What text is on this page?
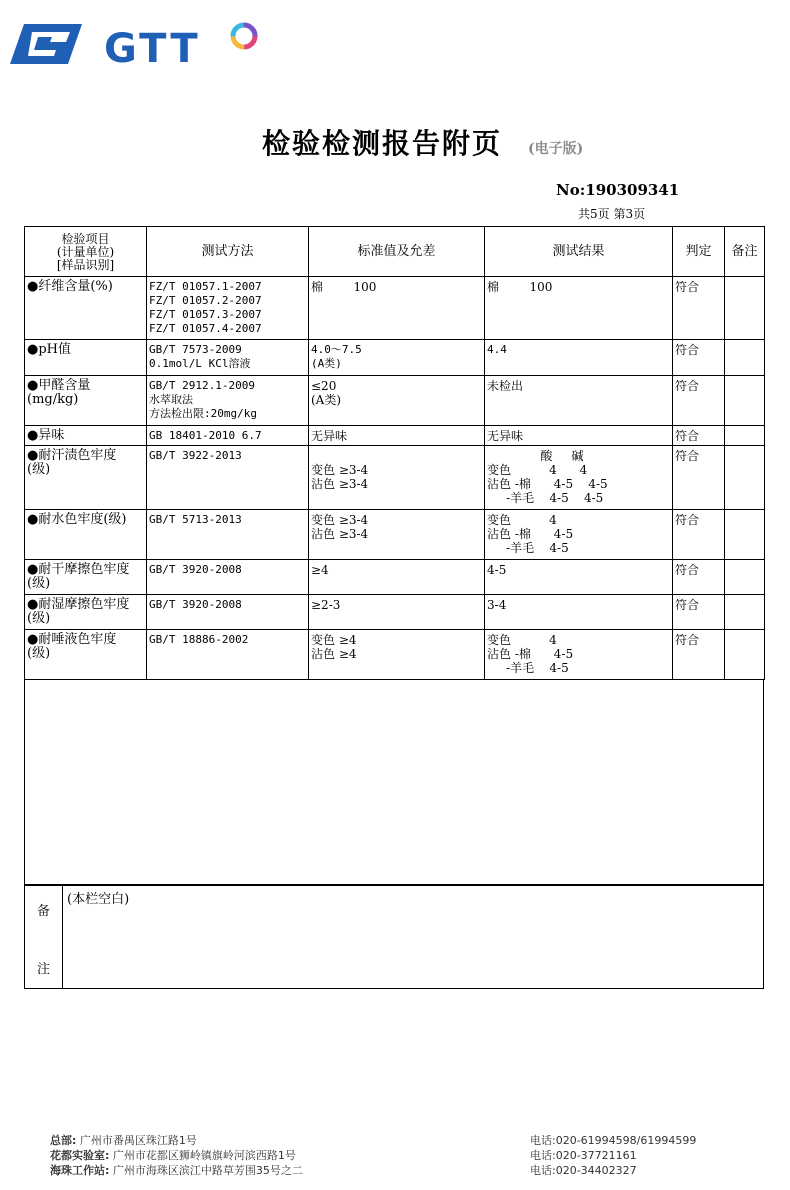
GTT
检验检测报告附页 (电子版)
No:190309341
共5页 第3页
检验项目
(计量单位)
[样品识别]	测试方法	标准值及允差	测试结果	判定	备注
●纤维含量(%)	FZ/T 01057.1-2007
FZ/T 01057.2-2007
FZ/T 01057.3-2007
FZ/T 01057.4-2007	棉        100	棉        100	符合	
●pH值	GB/T 7573-2009
0.1mol/L KCl溶液	4.0～7.5
(A类)	4.4	符合	
●甲醛含量
(mg/kg)	GB/T 2912.1-2009
水萃取法
方法检出限:20mg/kg	≤20
(A类)	未检出	符合	
●异味	GB 18401-2010 6.7	无异味	无异味	符合	
●耐汗渍色牢度
(级)	GB/T 3922-2013	
变色 ≥3-4
沾色 ≥3-4	酸     碱
变色          4      4
沾色 -棉      4-5    4-5
-羊毛    4-5    4-5	符合	
●耐水色牢度(级)	GB/T 5713-2013	变色 ≥3-4
沾色 ≥3-4	变色          4
沾色 -棉      4-5
-羊毛    4-5	符合	
●耐干摩擦色牢度
(级)	GB/T 3920-2008	≥4	4-5	符合	
●耐湿摩擦色牢度
(级)	GB/T 3920-2008	≥2-3	3-4	符合	
●耐唾液色牢度
(级)	GB/T 18886-2002	变色 ≥4
沾色 ≥4	变色          4
沾色 -棉      4-5
-羊毛    4-5	符合	
备
注
(本栏空白)
总部: 广州市番禺区珠江路1号	电话:020-61994598/61994599
花都实验室: 广州市花都区狮岭镇旗岭河滨西路1号	电话:020-37721161
海珠工作站: 广州市海珠区滨江中路草芳围35号之二	电话:020-34402327
